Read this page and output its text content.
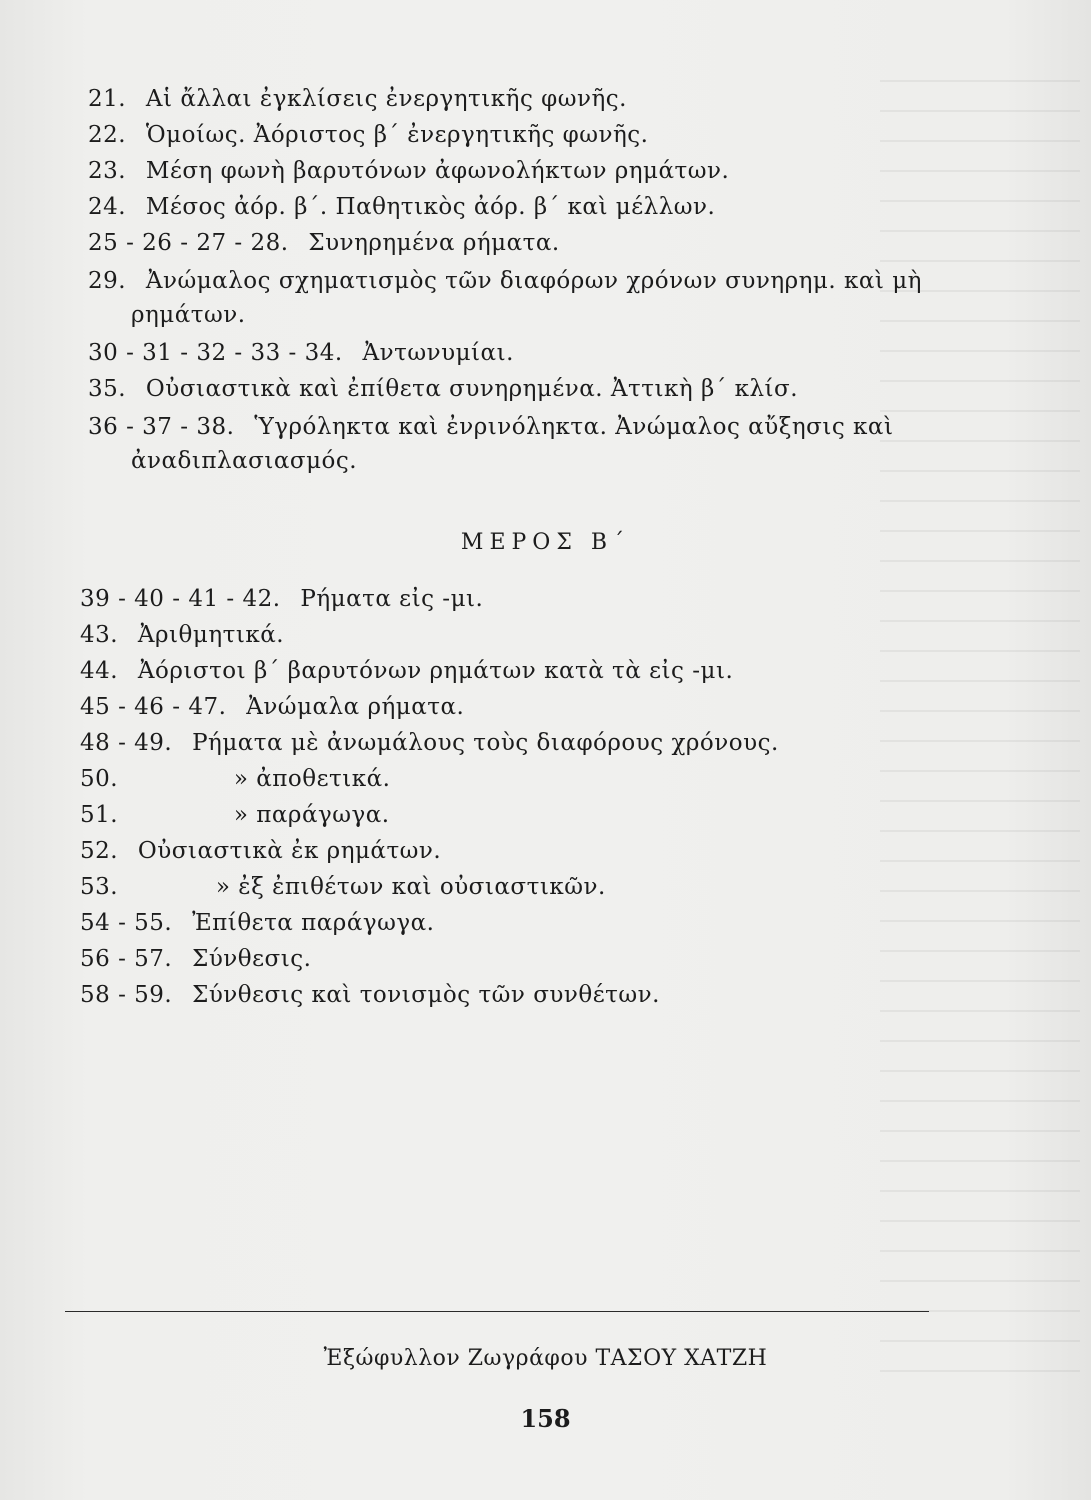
21. Αἱ ἄλλαι ἐγκλίσεις ἐνεργητικῆς φωνῆς.
22. Ὁμοίως. Ἀόριστος β΄ ἐνεργητικῆς φωνῆς.
23. Μέση φωνὴ βαρυτόνων ἀφωνολήκτων ρημάτων.
24. Μέσος ἀόρ. β΄. Παθητικὸς ἀόρ. β΄ καὶ μέλλων.
25 - 26 - 27 - 28. Συνηρημένα ρήματα.
29. Ἀνώμαλος σχηματισμὸς τῶν διαφόρων χρόνων συνηρημ. καὶ μὴ
ρημάτων.
30 - 31 - 32 - 33 - 34. Ἀντωνυμίαι.
35. Οὐσιαστικὰ καὶ ἐπίθετα συνηρημένα. Ἀττικὴ β΄ κλίσ.
36 - 37 - 38. Ὑγρόληκτα καὶ ἐνρινόληκτα. Ἀνώμαλος αὔξησις καὶ
ἀναδιπλασιασμός.
ΜΕΡΟΣ Β΄
39 - 40 - 41 - 42. Ρήματα εἰς -μι.
43. Ἀριθμητικά.
44. Ἀόριστοι β΄ βαρυτόνων ρημάτων κατὰ τὰ εἰς -μι.
45 - 46 - 47. Ἀνώμαλα ρήματα.
48 - 49. Ρήματα μὲ ἀνωμάλους τοὺς διαφόρους χρόνους.
50.	» ἀποθετικά.
51.	» παράγωγα.
52. Οὐσιαστικὰ ἐκ ρημάτων.
53.	» ἐξ ἐπιθέτων καὶ οὐσιαστικῶν.
54 - 55. Ἐπίθετα παράγωγα.
56 - 57. Σύνθεσις.
58 - 59. Σύνθεσις καὶ τονισμὸς τῶν συνθέτων.
Ἐξώφυλλον Ζωγράφου ΤΑΣΟΥ ΧΑΤΖΗ
158
